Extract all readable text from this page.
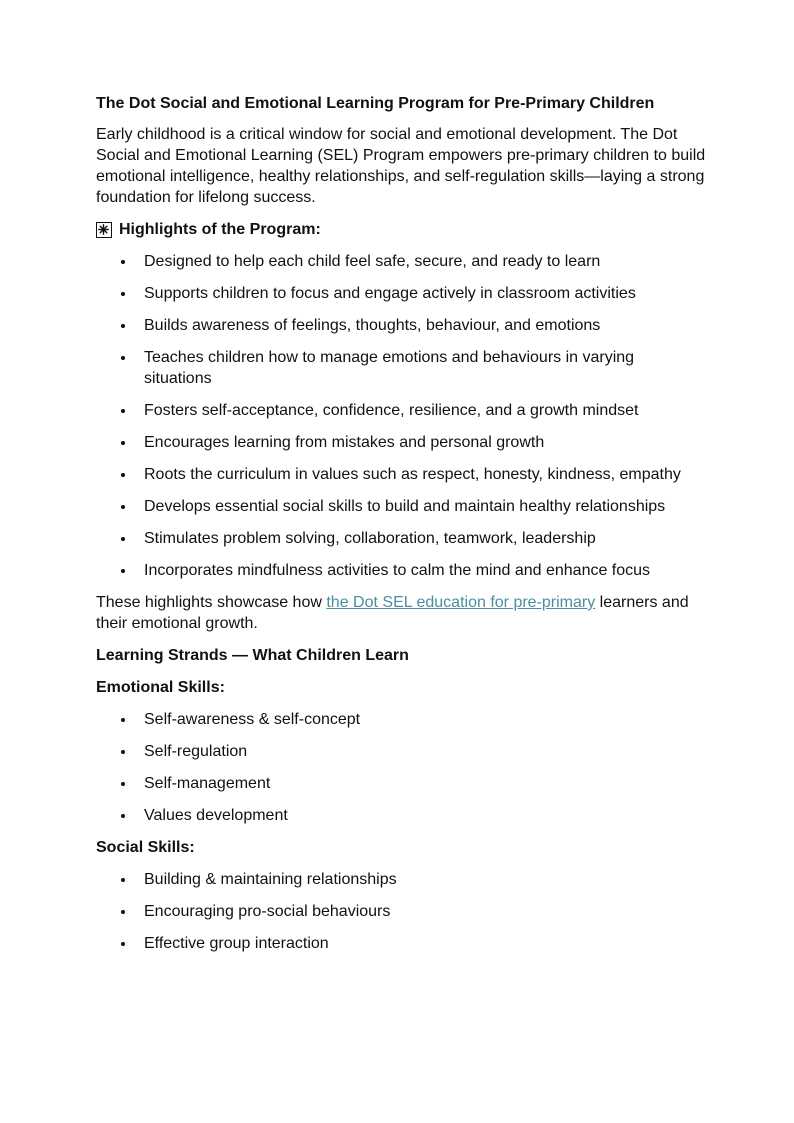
The Dot Social and Emotional Learning Program for Pre-Primary Children
Early childhood is a critical window for social and emotional development. The Dot Social and Emotional Learning (SEL) Program empowers pre-primary children to build emotional intelligence, healthy relationships, and self-regulation skills—laying a strong foundation for lifelong success.
Highlights of the Program:
Designed to help each child feel safe, secure, and ready to learn
Supports children to focus and engage actively in classroom activities
Builds awareness of feelings, thoughts, behaviour, and emotions
Teaches children how to manage emotions and behaviours in varying situations
Fosters self-acceptance, confidence, resilience, and a growth mindset
Encourages learning from mistakes and personal growth
Roots the curriculum in values such as respect, honesty, kindness, empathy
Develops essential social skills to build and maintain healthy relationships
Stimulates problem solving, collaboration, teamwork, leadership
Incorporates mindfulness activities to calm the mind and enhance focus
These highlights showcase how the Dot SEL education for pre-primary learners and their emotional growth.
Learning Strands — What Children Learn
Emotional Skills:
Self-awareness & self-concept
Self-regulation
Self-management
Values development
Social Skills:
Building & maintaining relationships
Encouraging pro-social behaviours
Effective group interaction
